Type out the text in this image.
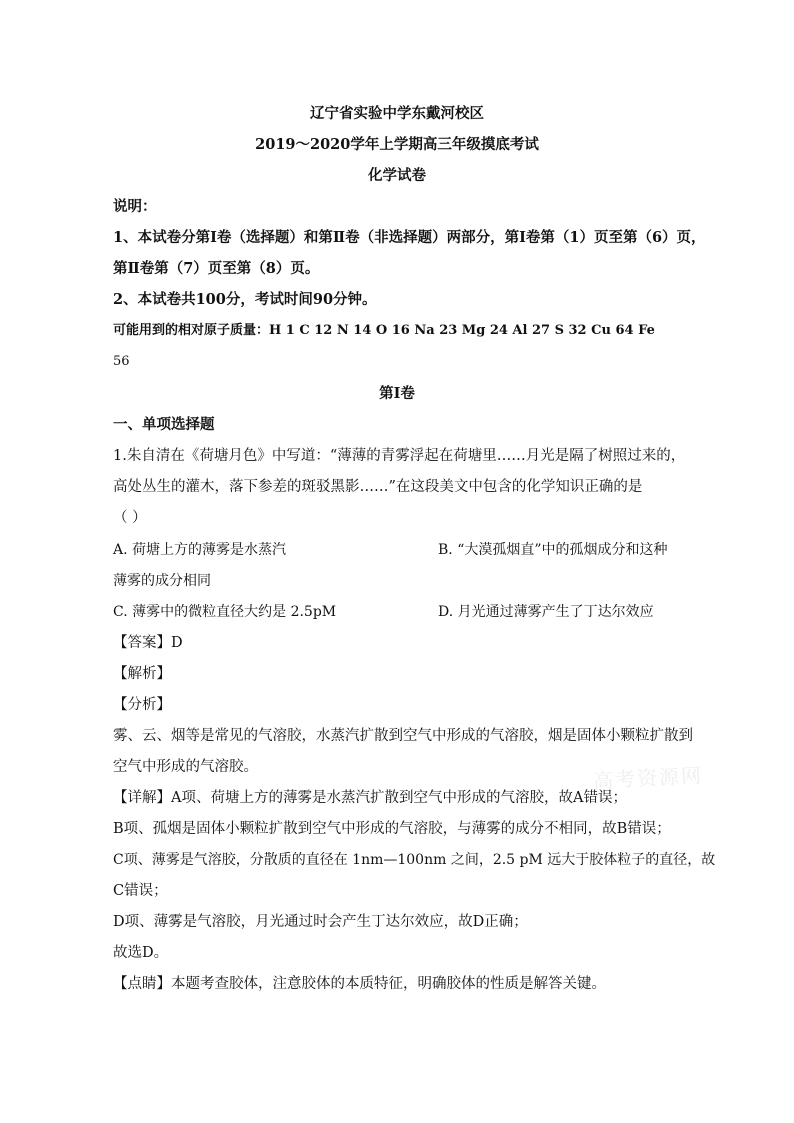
辽宁省实验中学东戴河校区
2019～2020学年上学期高三年级摸底考试
化学试卷
说明：
1、本试卷分第Ⅰ卷（选择题）和第Ⅱ卷（非选择题）两部分，第Ⅰ卷第（1）页至第（6）页，
第Ⅱ卷第（7）页至第（8）页。
2、本试卷共100分，考试时间90分钟。
可能用到的相对原子质量：H 1 C 12 N 14 O 16 Na 23 Mg 24 Al 27 S 32 Cu 64 Fe
56
第Ⅰ卷
一、单项选择题
1.朱自清在《荷塘月色》中写道：“薄薄的青雾浮起在荷塘里……月光是隔了树照过来的，
高处丛生的灌木，落下参差的斑驳黑影……”在这段美文中包含的化学知识正确的是
（ ）
A. 荷塘上方的薄雾是水蒸汽	B. “大漠孤烟直”中的孤烟成分和这种
薄雾的成分相同
C. 薄雾中的微粒直径大约是 2.5pM	D. 月光通过薄雾产生了丁达尔效应
【答案】D
【解析】
【分析】
雾、云、烟等是常见的气溶胶，水蒸汽扩散到空气中形成的气溶胶，烟是固体小颗粒扩散到
空气中形成的气溶胶。
【详解】A项、荷塘上方的薄雾是水蒸汽扩散到空气中形成的气溶胶，故A错误；
B项、孤烟是固体小颗粒扩散到空气中形成的气溶胶，与薄雾的成分不相同，故B错误；
C项、薄雾是气溶胶，分散质的直径在 1nm—100nm 之间，2.5 pM 远大于胶体粒子的直径，故
C错误；
D项、薄雾是气溶胶，月光通过时会产生丁达尔效应，故D正确；
故选D。
【点睛】本题考查胶体，注意胶体的本质特征，明确胶体的性质是解答关键。
高考资源网
